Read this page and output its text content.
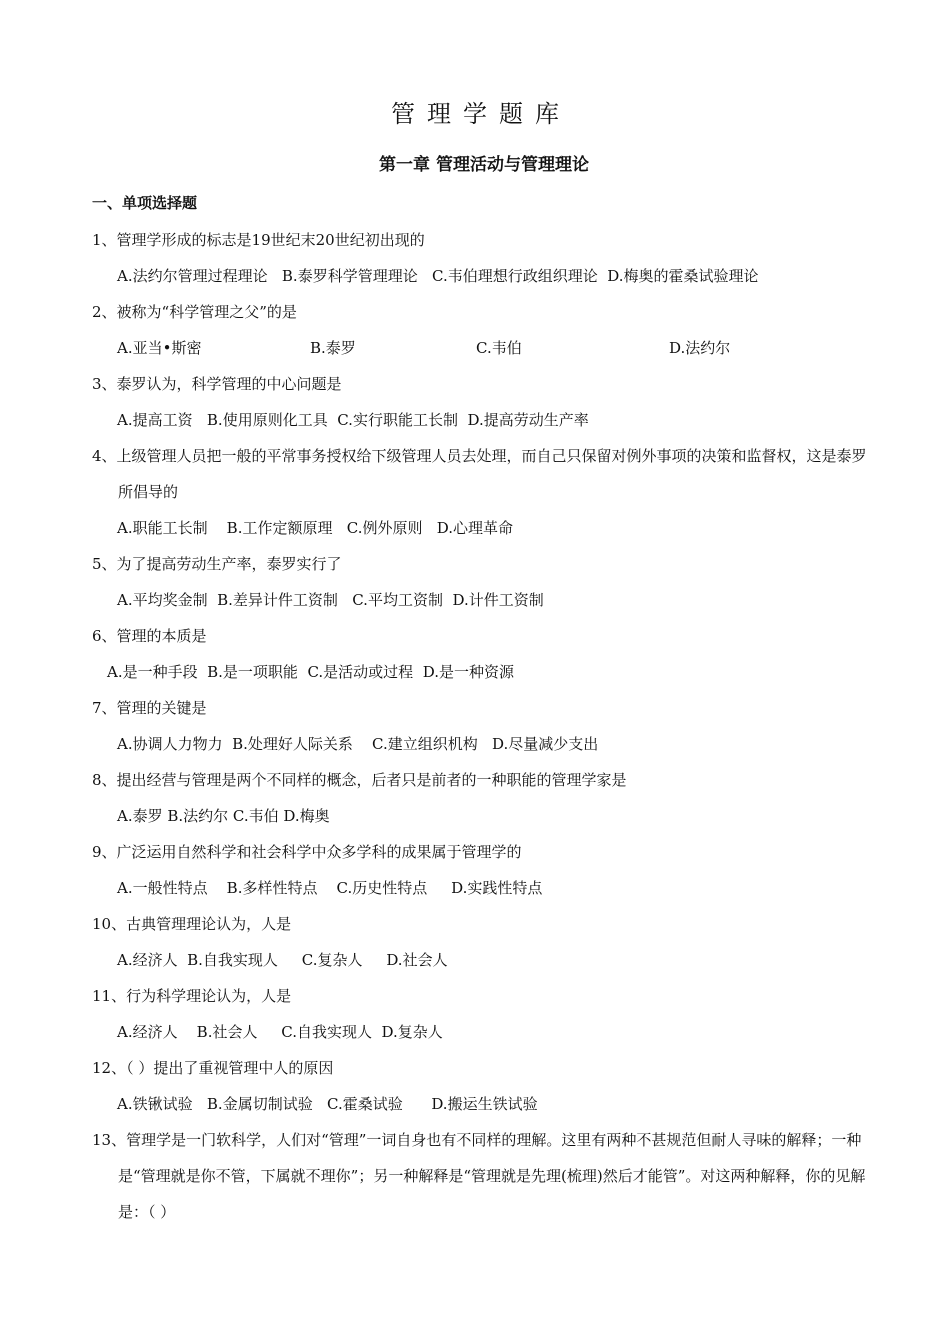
管理学题库
第一章 管理活动与管理理论
一、单项选择题
1、管理学形成的标志是19世纪末20世纪初出现的
A.法约尔管理过程理论   B.泰罗科学管理理论   C.韦伯理想行政组织理论  D.梅奥的霍桑试验理论
2、被称为“科学管理之父”的是
A.亚当•斯密	B.泰罗	C.韦伯	D.法约尔
3、泰罗认为，科学管理的中心问题是
A.提高工资   B.使用原则化工具  C.实行职能工长制  D.提高劳动生产率
4、上级管理人员把一般的平常事务授权给下级管理人员去处理，而自己只保留对例外事项的决策和监督权，这是泰罗所倡导的
A.职能工长制    B.工作定额原理   C.例外原则   D.心理革命
5、为了提高劳动生产率，泰罗实行了
A.平均奖金制  B.差异计件工资制   C.平均工资制  D.计件工资制
6、管理的本质是
A.是一种手段  B.是一项职能  C.是活动或过程  D.是一种资源
7、管理的关键是
A.协调人力物力  B.处理好人际关系    C.建立组织机构   D.尽量减少支出
8、提出经营与管理是两个不同样的概念，后者只是前者的一种职能的管理学家是
A.泰罗 B.法约尔 C.韦伯 D.梅奥
9、广泛运用自然科学和社会科学中众多学科的成果属于管理学的
A.一般性特点    B.多样性特点    C.历史性特点     D.实践性特点
10、古典管理理论认为，人是
A.经济人  B.自我实现人     C.复杂人     D.社会人
11、行为科学理论认为，人是
A.经济人    B.社会人     C.自我实现人  D.复杂人
12、（ ）提出了重视管理中人的原因
A.铁锹试验   B.金属切制试验   C.霍桑试验      D.搬运生铁试验
13、管理学是一门软科学，人们对“管理”一词自身也有不同样的理解。这里有两种不甚规范但耐人寻味的解释；一种是“管理就是你不管，下属就不理你”；另一种解释是“管理就是先理(梳理)然后才能管”。对这两种解释，你的见解是：（ ）
